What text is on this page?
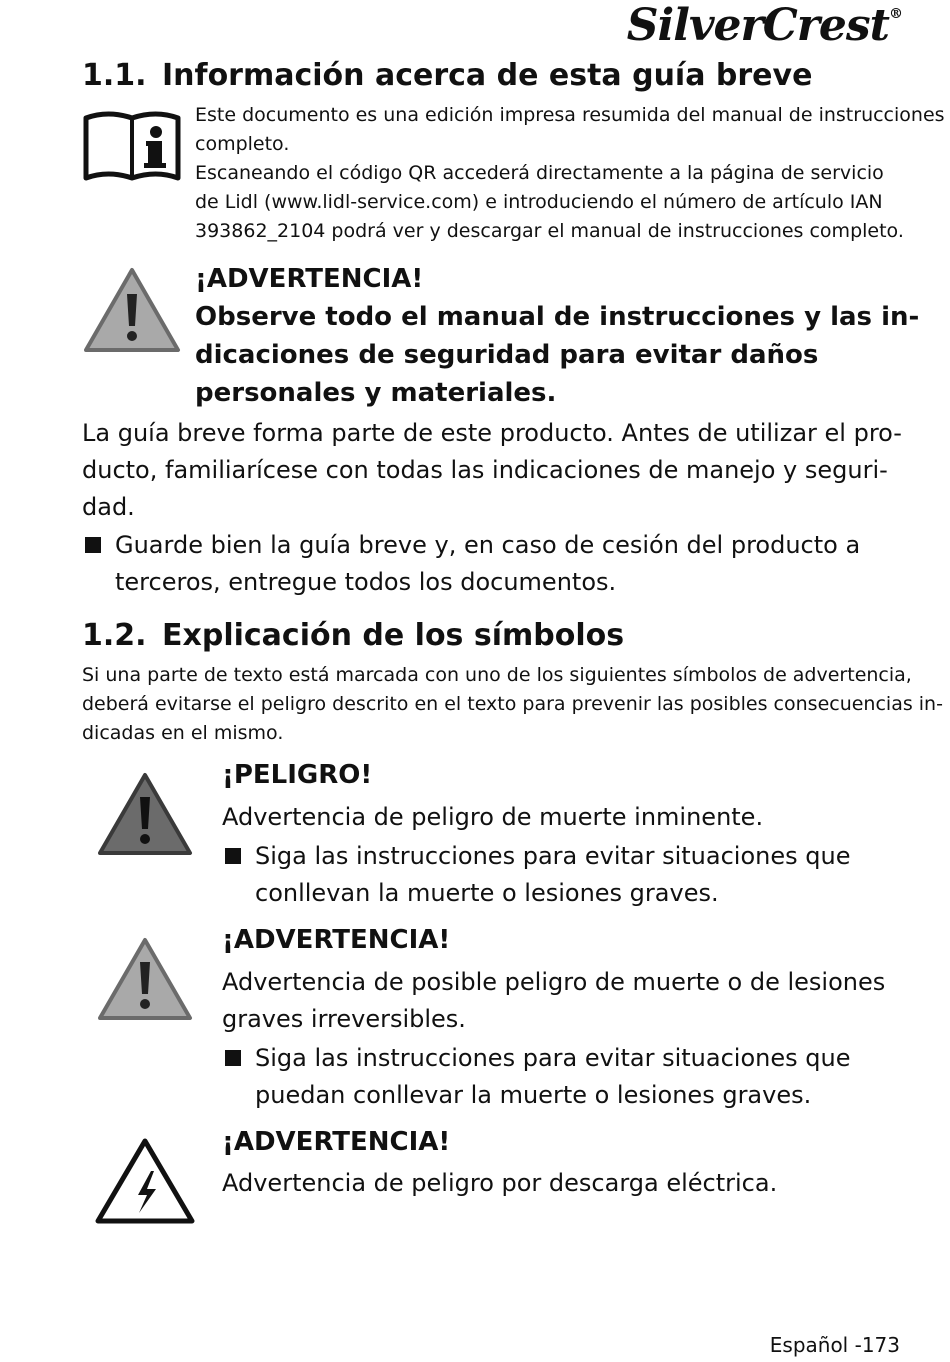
SilverCrest®
1.1. Información acerca de esta guía breve
Este documento es una edición impresa resumida del manual de instrucciones
completo.
Escaneando el código QR accederá directamente a la página de servicio
de Lidl (www.lidl-service.com) e introduciendo el número de artículo IAN
393862_2104 podrá ver y descargar el manual de instrucciones completo.
¡ADVERTENCIA!
Observe todo el manual de instrucciones y las in-
dicaciones de seguridad para evitar daños
personales y materiales.
La guía breve forma parte de este producto. Antes de utilizar el pro-
ducto, familiarícese con todas las indicaciones de manejo y seguri-
dad.
Guarde bien la guía breve y, en caso de cesión del producto a
terceros, entregue todos los documentos.
1.2. Explicación de los símbolos
Si una parte de texto está marcada con uno de los siguientes símbolos de advertencia,
deberá evitarse el peligro descrito en el texto para prevenir las posibles consecuencias in-
dicadas en el mismo.
¡PELIGRO!
Advertencia de peligro de muerte inminente.
Siga las instrucciones para evitar situaciones que
conllevan la muerte o lesiones graves.
¡ADVERTENCIA!
Advertencia de posible peligro de muerte o de lesiones
graves irreversibles.
Siga las instrucciones para evitar situaciones que
puedan conllevar la muerte o lesiones graves.
¡ADVERTENCIA!
Advertencia de peligro por descarga eléctrica.
Español -173
